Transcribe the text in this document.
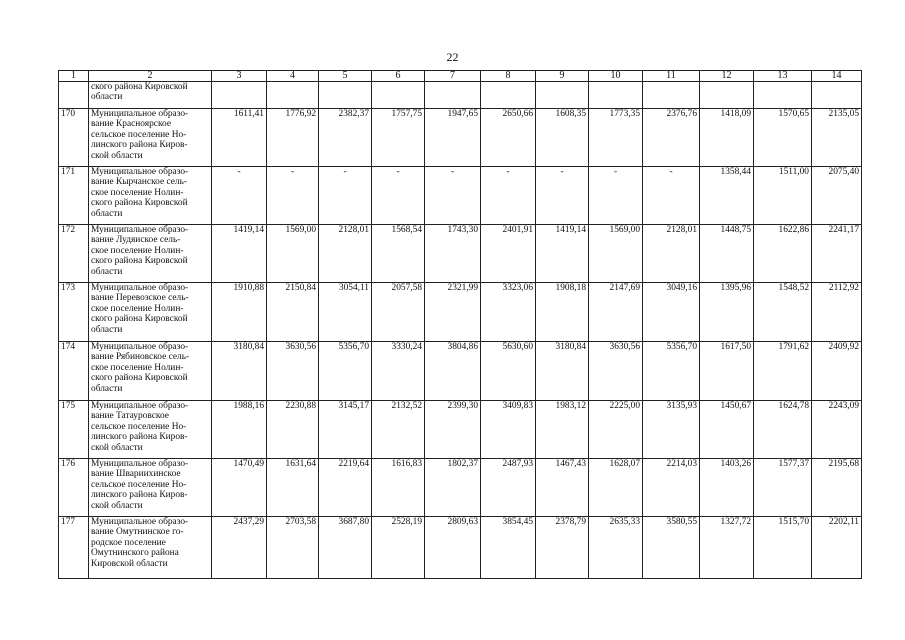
22
1	2	3	4	5	6	7	8	9	10	11	12	13	14

	ского района Кировской
области												

170	Муниципальное образо-
вание Красноярское
сельское поселение Но-
линского района Киров-
ской области	1611,41	1776,92	2382,37	1757,75	1947,65	2650,66	1608,35	1773,35	2376,76	1418,09	1570,65	2135,05
171	Муниципальное образо-
вание Кырчанское сель-
ское поселение Нолин-
ского района Кировской
области	-	-	-	-	-	-	-	-	-	1358,44	1511,00	2075,40
172	Муниципальное образо-
вание Лудяиское сель-
ское поселение Нолин-
ского района Кировской
области	1419,14	1569,00	2128,01	1568,54	1743,30	2401,91	1419,14	1569,00	2128,01	1448,75	1622,86	2241,17
173	Муниципальное образо-
вание Перевозское сель-
ское поселение Нолин-
ского района Кировской
области	1910,88	2150,84	3054,11	2057,58	2321,99	3323,06	1908,18	2147,69	3049,16	1395,96	1548,52	2112,92
174	Муниципальное образо-
вание Рябиновское сель-
ское поселение Нолин-
ского района Кировской
области	3180,84	3630,56	5356,70	3330,24	3804,86	5630,60	3180,84	3630,56	5356,70	1617,50	1791,62	2409,92
175	Муниципальное образо-
вание Татауровское
сельское поселение Но-
линского района Киров-
ской области	1988,16	2230,88	3145,17	2132,52	2399,30	3409,83	1983,12	2225,00	3135,93	1450,67	1624,78	2243,09
176	Муниципальное образо-
вание Швариихинское
сельское поселение Но-
линского района Киров-
ской области	1470,49	1631,64	2219,64	1616,83	1802,37	2487,93	1467,43	1628,07	2214,03	1403,26	1577,37	2195,68
177	Муниципальное образо-
вание Омутнинское го-
родское поселение
Омутнинского района
Кировской области	2437,29	2703,58	3687,80	2528,19	2809,63	3854,45	2378,79	2635,33	3580,55	1327,72	1515,70	2202,11
